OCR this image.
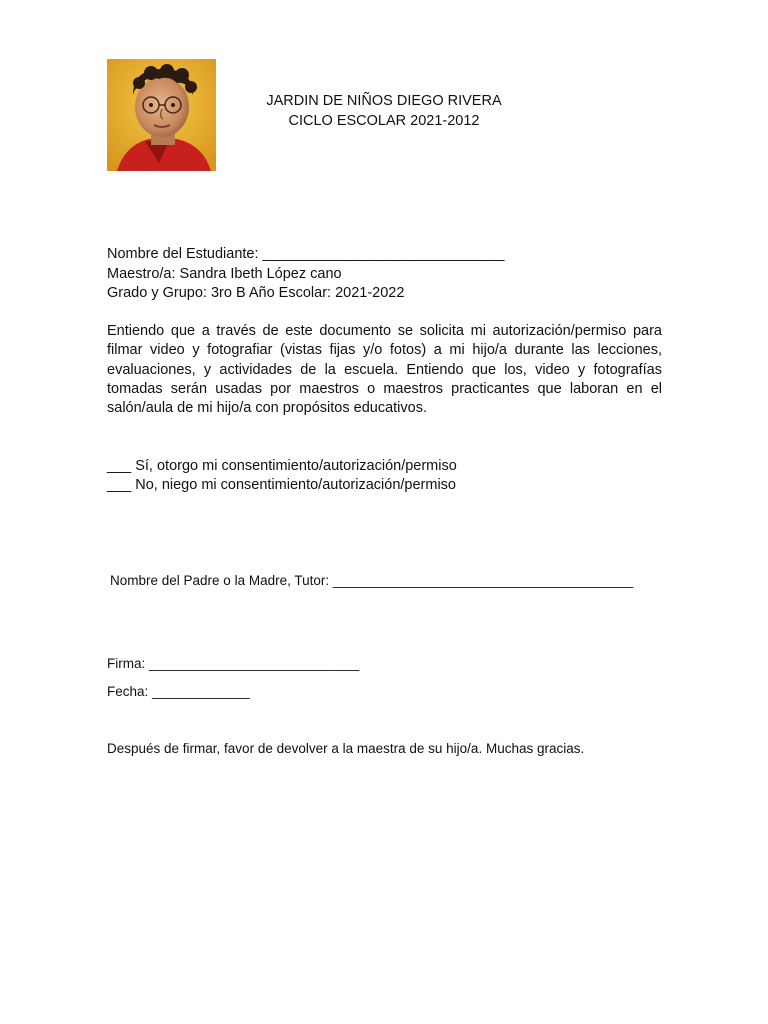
JARDIN DE NIÑOS DIEGO RIVERA
CICLO ESCOLAR 2021-2012
Nombre del Estudiante: ______________________________
Maestro/a: Sandra Ibeth López cano
Grado y Grupo: 3ro B Año Escolar: 2021-2022
Entiendo que a través de este documento se solicita mi autorización/permiso para filmar video y fotografiar (vistas fijas y/o fotos) a mi hijo/a durante las lecciones, evaluaciones, y actividades de la escuela. Entiendo que los, video y fotografías tomadas serán usadas por maestros o maestros practicantes que laboran en el salón/aula de mi hijo/a con propósitos educativos.
___ Sí, otorgo mi consentimiento/autorización/permiso
___ No, niego mi consentimiento/autorización/permiso
Nombre del Padre o la Madre, Tutor: ________________________________________
Firma: ____________________________
Fecha: _____________
Después de firmar, favor de devolver a la maestra de su hijo/a. Muchas gracias.
